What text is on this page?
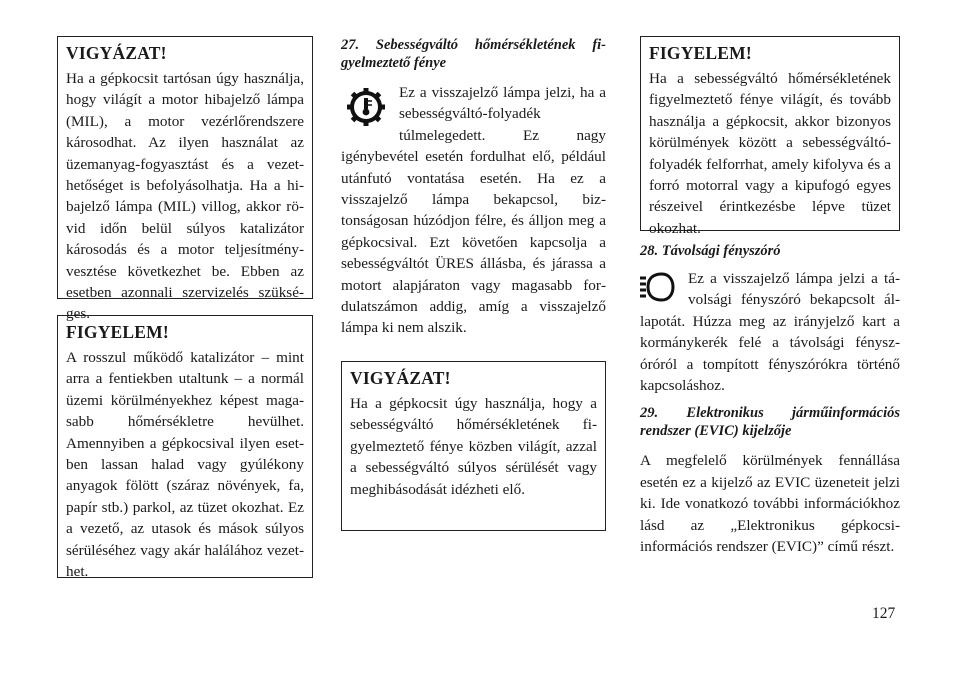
VIGYÁZAT!

Ha a gépkocsit tartósan úgy használja, hogy világít a motor hibajelző lámpa (MIL), a motor vezérlőrendszere károsodhat. Az ilyen használat az üzemanyag-fogyasztást és a vezethetőséget is befolyásolhatja. Ha a hibajelző lámpa (MIL) villog, akkor rövid időn belül súlyos katalizátor károsodás és a motor teljesítményvesztése következhet be. Ebben az esetben azonnali szervizelés szükséges.

FIGYELEM!

A rosszul működő katalizátor – mint arra a fentiekben utaltunk – a normál üzemi körülményekhez képest magasabb hőmérsékletre hevülhet. Amennyiben a gépkocsival ilyen esetben lassan halad vagy gyúlékony anyagok fölött (száraz növények, fa, papír stb.) parkol, az tüzet okozhat. Ez a vezető, az utasok és mások súlyos sérüléséhez vagy akár halálához vezethet.

27. Sebességváltó hőmérsékletének fi-

gyelmeztető fénye

Ez a visszajelző lámpa jelzi, ha a sebességváltó-folyadék túlmelegedett. Ez nagy igénybevétel esetén fordulhat elő, például utánfutó vontatása esetén. Ha ez a visszajelző lámpa bekapcsol, biztonságosan húzódjon félre, és álljon meg a gépkocsival. Ezt követően kapcsolja a sebességváltót ÜRES állásba, és járassa a motort alapjáraton vagy magasabb fordulatszámon addig, amíg a visszajelző lámpa ki nem alszik.

VIGYÁZAT!

Ha a gépkocsit úgy használja, hogy a sebességváltó hőmérsékletének figyelmeztető fénye közben világít, azzal a sebességváltó súlyos sérülését vagy meghibásodását idézheti elő.

FIGYELEM!

Ha a sebességváltó hőmérsékletének figyelmeztető fénye világít, és tovább használja a gépkocsit, akkor bizonyos körülmények között a sebességváltófolyadék felforrhat, amely kifolyva és a forró motorral vagy a kipufogó egyes részeivel érintkezésbe lépve tüzet okozhat.

28. Távolsági fényszóró

Ez a visszajelző lámpa jelzi a távolsági fényszóró bekapcsolt állapotát. Húzza meg az irányjelző kart a kormánykerék felé a távolsági fényszóróról a tompított fényszórókra történő kapcsoláshoz.

29. Elektronikus járműinformációs

rendszer (EVIC) kijelzője

A megfelelő körülmények fennállása esetén ez a kijelző az EVIC üzeneteit jelzi ki. Ide vonatkozó további információkhoz lásd az „Elektronikus gépkocsiinformációs rendszer (EVIC)” című részt.

127
